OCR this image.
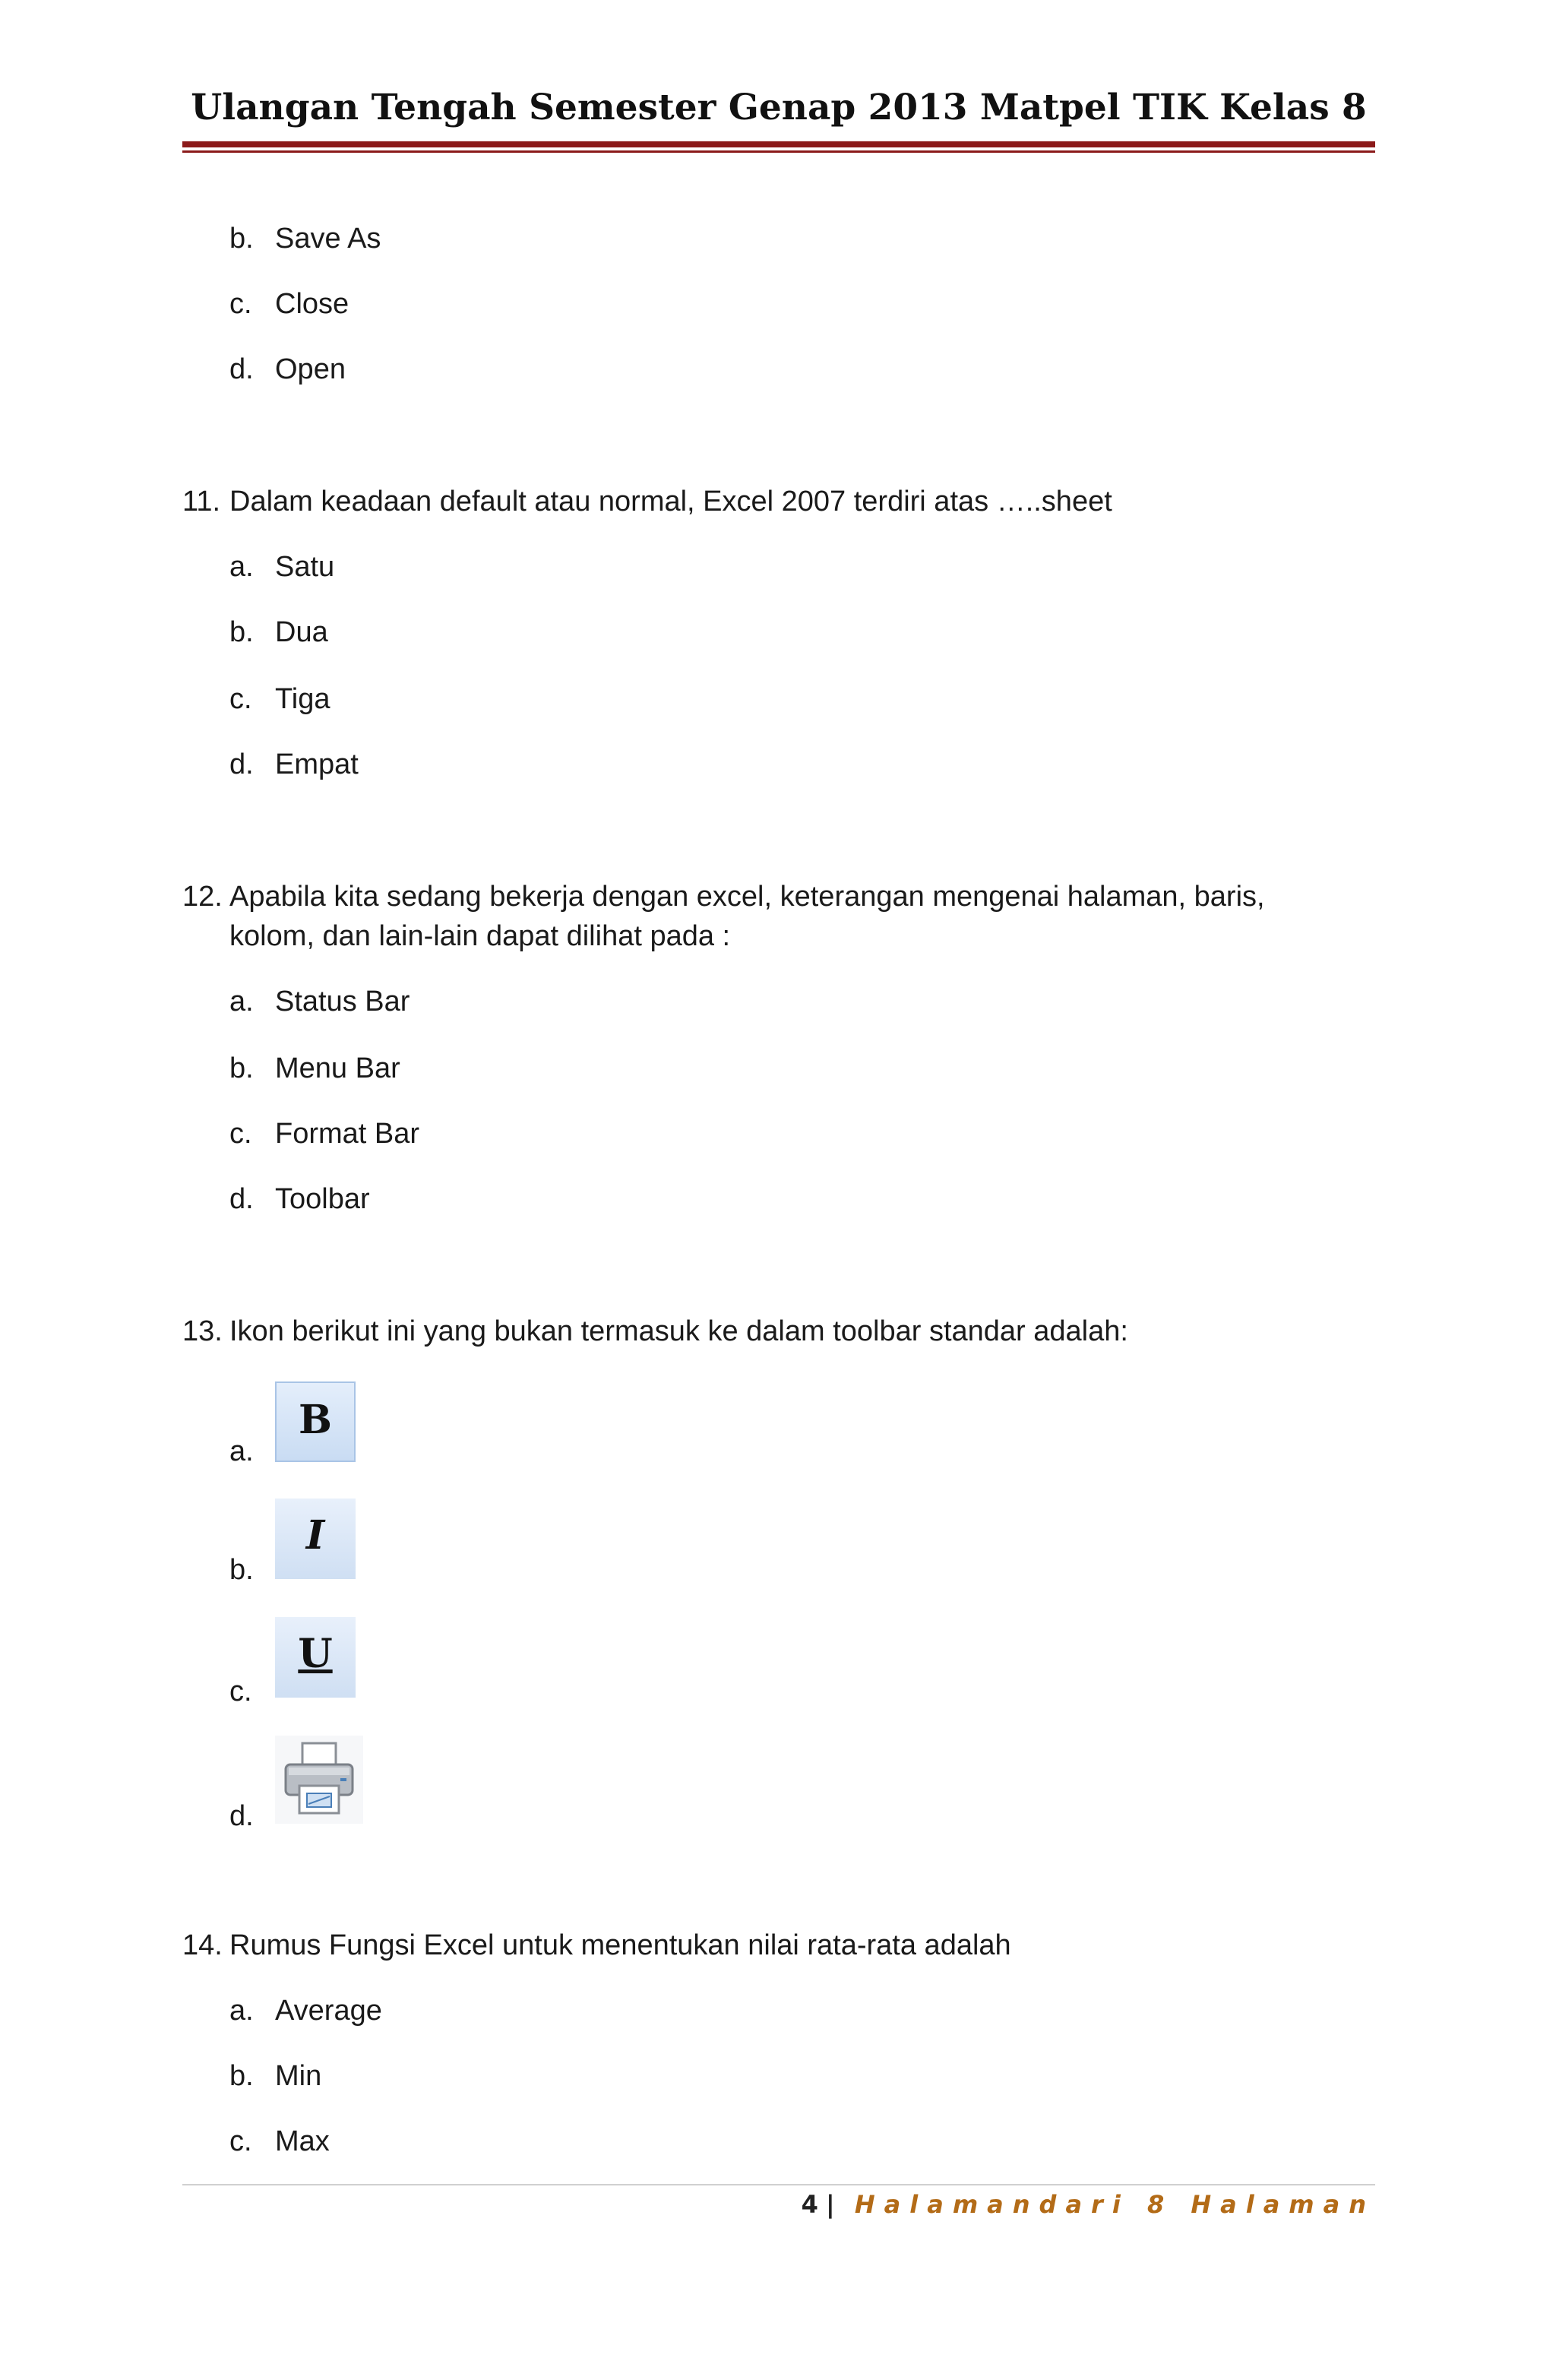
Ulangan Tengah Semester Genap 2013 Matpel TIK Kelas 8
b. Save As
c. Close
d. Open
11. Dalam keadaan default atau normal, Excel 2007 terdiri atas …..sheet
a. Satu
b. Dua
c. Tiga
d. Empat
12. Apabila kita sedang bekerja dengan excel, keterangan mengenai halaman, baris,
kolom, dan lain-lain dapat dilihat pada :
a. Status Bar
b. Menu Bar
c. Format Bar
d. Toolbar
13. Ikon berikut ini yang bukan termasuk ke dalam toolbar standar adalah:
a.
B
b.
I
c.
U
d.
14. Rumus Fungsi Excel untuk menentukan nilai rata-rata adalah
a. Average
b. Min
c. Max
4 | Halamandari 8 Halaman
